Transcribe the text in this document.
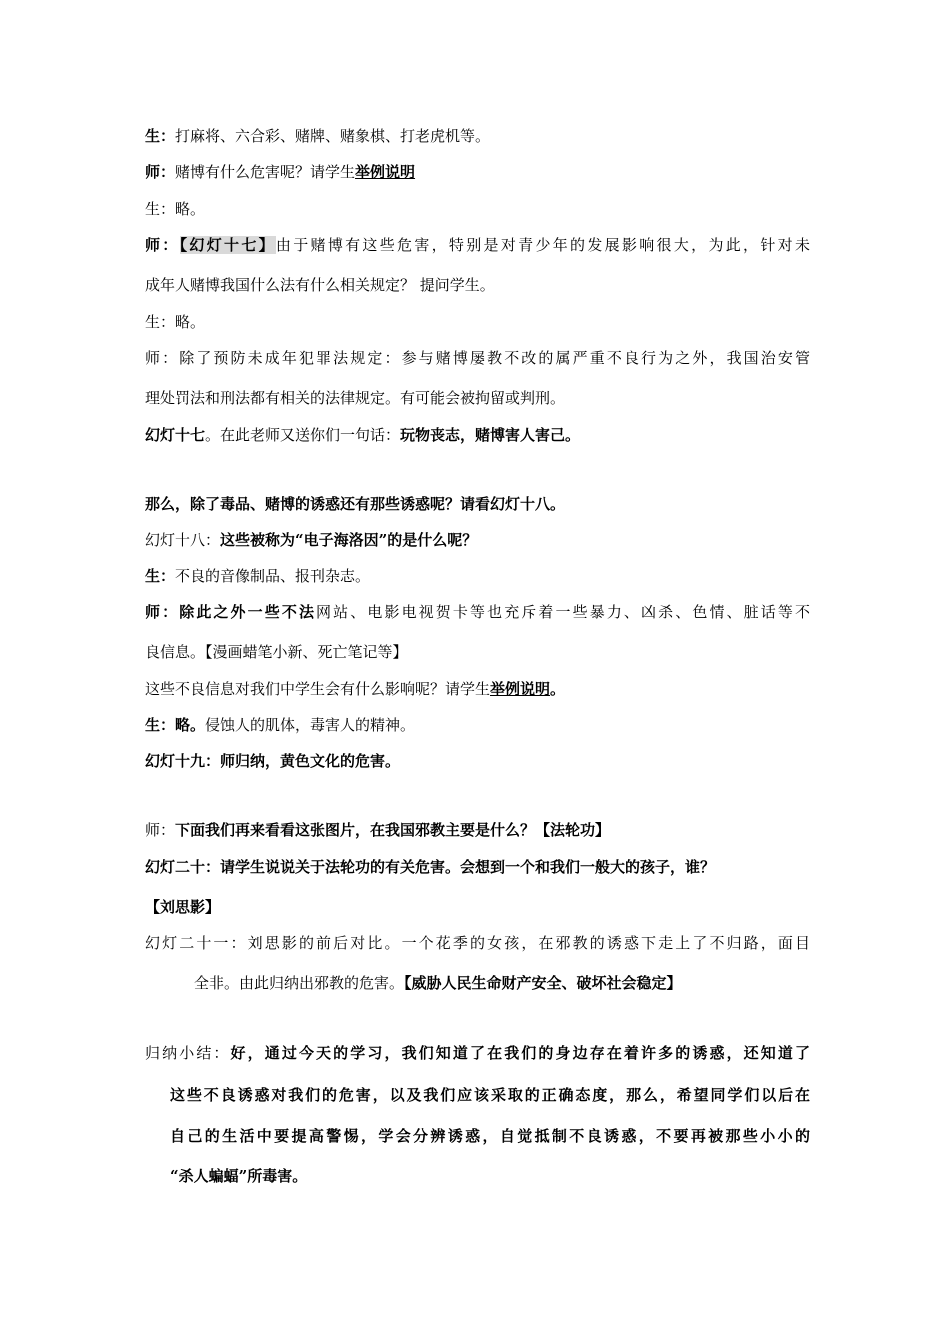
生：打麻将、六合彩、赌牌、赌象棋、打老虎机等。
师：赌博有什么危害呢？请学生举例说明
生：略。
师：【幻灯十七】由于赌博有这些危害，特别是对青少年的发展影响很大，为此，针对未
成年人赌博我国什么法有什么相关规定？ 提问学生。
生：略。
师：除了预防未成年犯罪法规定：参与赌博屡教不改的属严重不良行为之外，我国治安管
理处罚法和刑法都有相关的法律规定。有可能会被拘留或判刑。
幻灯十七。在此老师又送你们一句话：玩物丧志，赌博害人害己。
那么，除了毒品、赌博的诱惑还有那些诱惑呢？请看幻灯十八。
幻灯十八：这些被称为“电子海洛因”的是什么呢？
生：不良的音像制品、报刊杂志。
师：除此之外一些不法网站、电影电视贺卡等也充斥着一些暴力、凶杀、色情、脏话等不
良信息。【漫画蜡笔小新、死亡笔记等】
这些不良信息对我们中学生会有什么影响呢？请学生举例说明。
生：略。侵蚀人的肌体，毒害人的精神。
幻灯十九：师归纳，黄色文化的危害。
师：下面我们再来看看这张图片，在我国邪教主要是什么？【法轮功】
幻灯二十：请学生说说关于法轮功的有关危害。会想到一个和我们一般大的孩子，谁？
【刘思影】
幻灯二十一：刘思影的前后对比。一个花季的女孩，在邪教的诱惑下走上了不归路，面目
全非。由此归纳出邪教的危害。【威胁人民生命财产安全、破坏社会稳定】
归纳小结：好，通过今天的学习，我们知道了在我们的身边存在着许多的诱惑，还知道了
这些不良诱惑对我们的危害，以及我们应该采取的正确态度，那么，希望同学们以后在
自己的生活中要提高警惕，学会分辨诱惑，自觉抵制不良诱惑，不要再被那些小小的
“杀人蝙蝠”所毒害。
